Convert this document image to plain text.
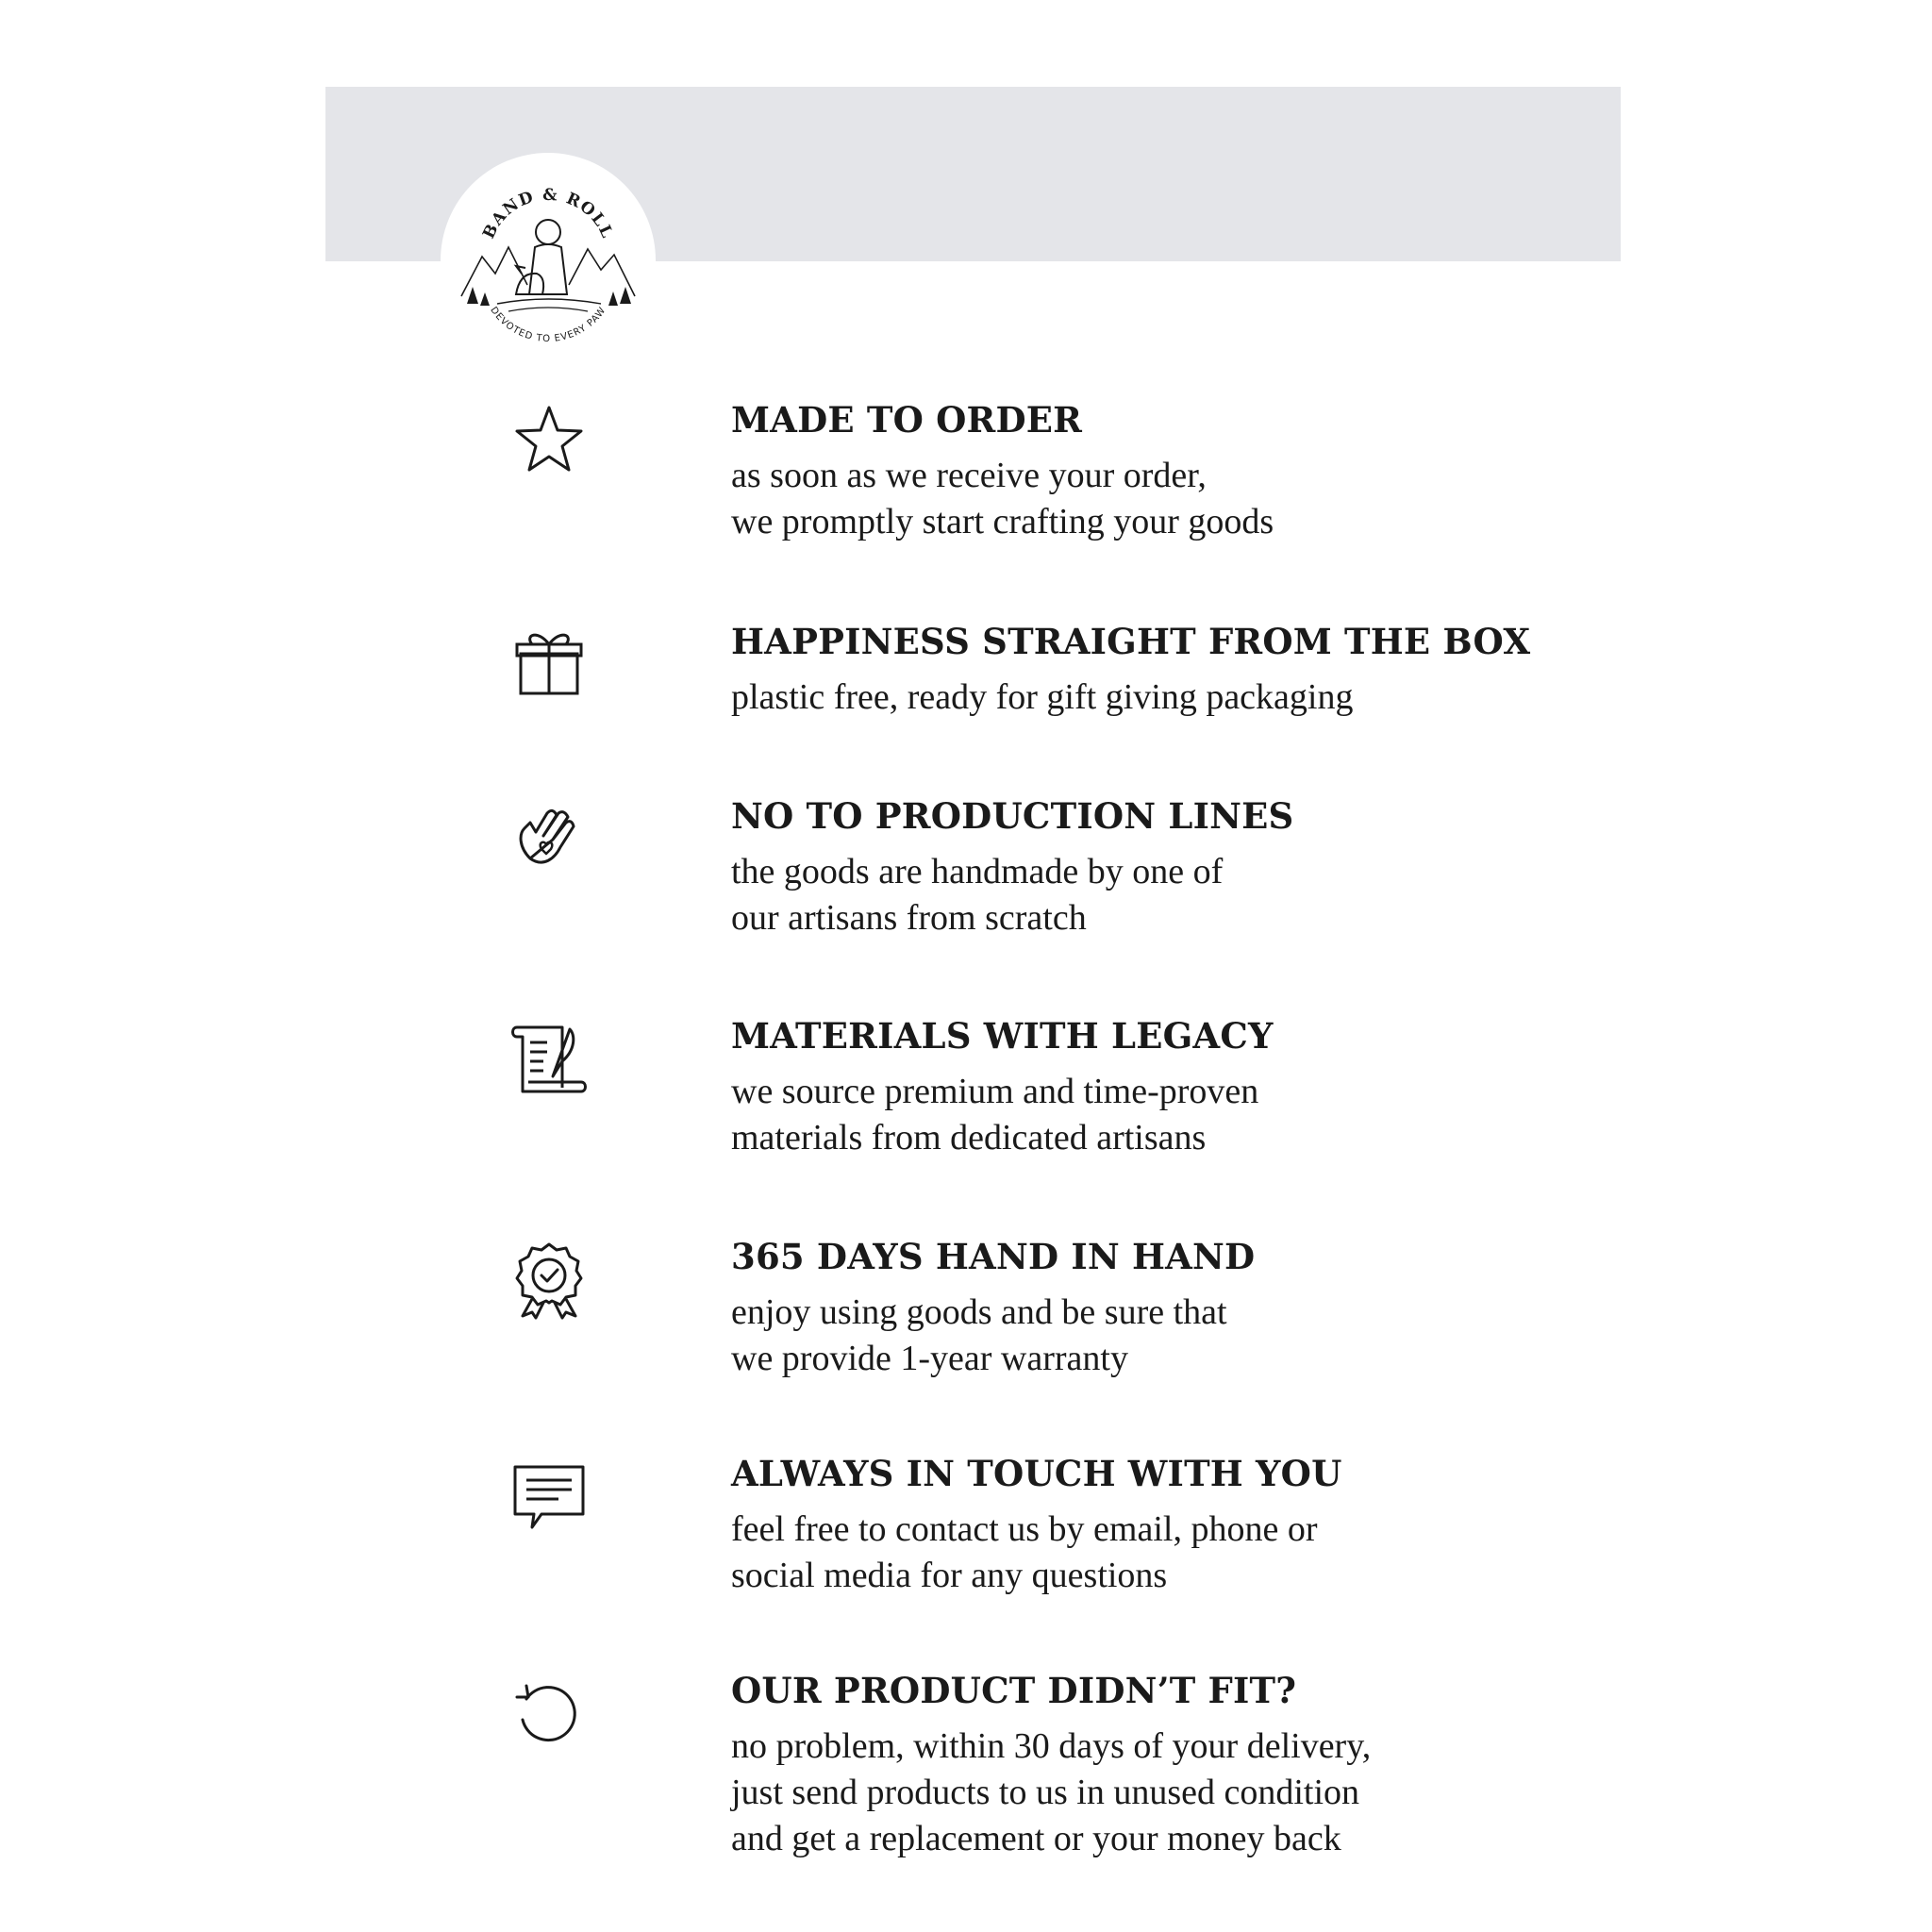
BAND & ROLL
DEVOTED TO EVERY PAW
MADE TO ORDER
as soon as we receive your order,
we promptly start crafting your goods
HAPPINESS STRAIGHT FROM THE BOX
plastic free, ready for gift giving packaging
NO TO PRODUCTION LINES
the goods are handmade by one of
our artisans from scratch
MATERIALS WITH LEGACY
we source premium and time-proven
materials from dedicated artisans
365 DAYS HAND IN HAND
enjoy using goods and be sure that
we provide 1-year warranty
ALWAYS IN TOUCH WITH YOU
feel free to contact us by email, phone or
social media for any questions
OUR PRODUCT DIDN’T FIT?
no problem, within 30 days of your delivery,
just send products to us in unused condition
and get a replacement or your money back
